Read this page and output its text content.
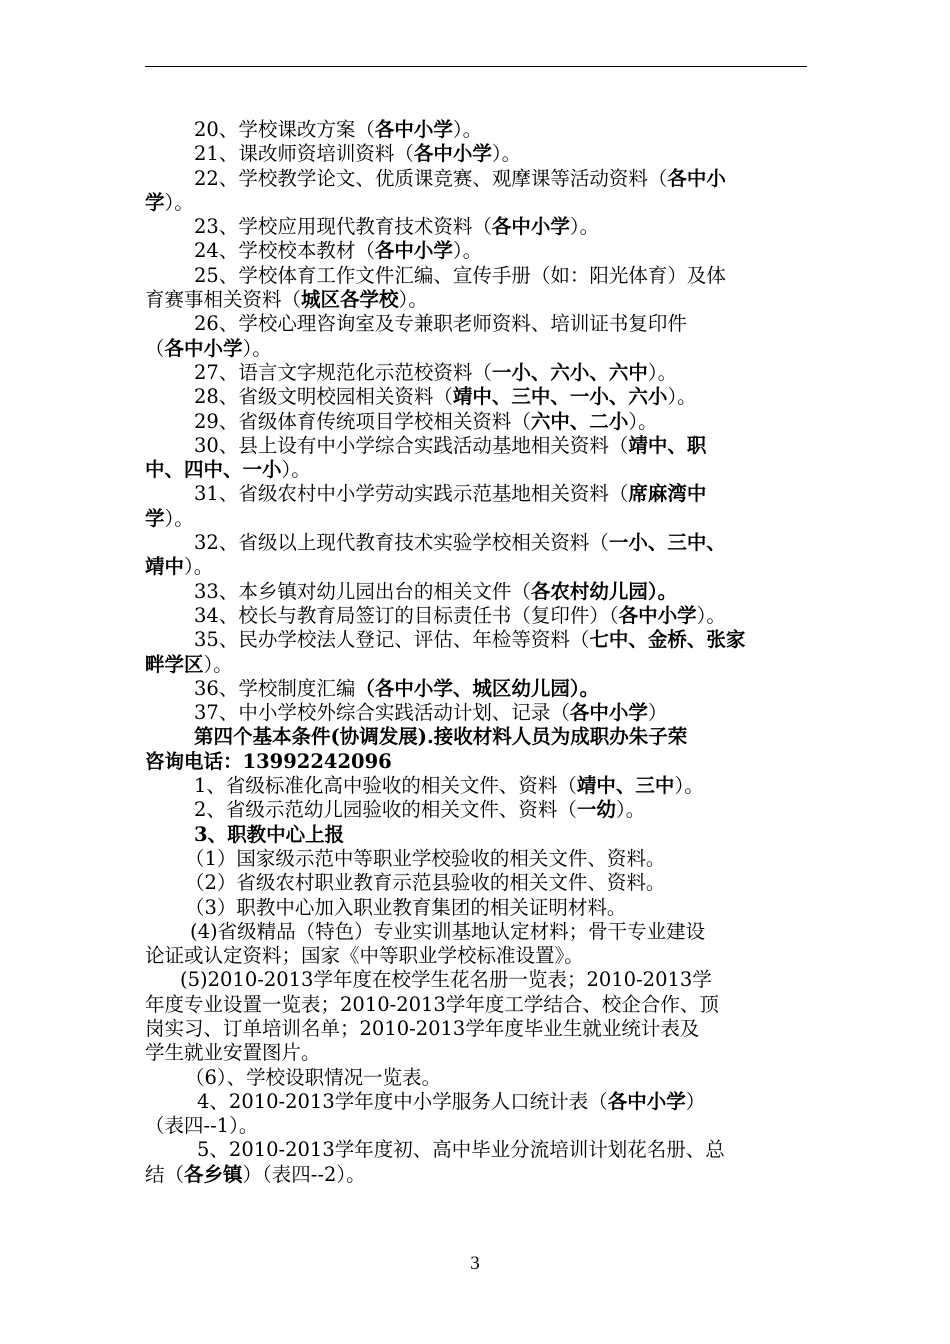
20、学校课改方案（各中小学）。
21、课改师资培训资料（各中小学）。
22、学校教学论文、优质课竞赛、观摩课等活动资料（各中小
学）。
23、学校应用现代教育技术资料（各中小学）。
24、学校校本教材（各中小学）。
25、学校体育工作文件汇编、宣传手册（如：阳光体育）及体
育赛事相关资料（城区各学校）。
26、学校心理咨询室及专兼职老师资料、培训证书复印件
（各中小学）。
27、语言文字规范化示范校资料（一小、六小、六中）。
28、省级文明校园相关资料（靖中、三中、一小、六小）。
29、省级体育传统项目学校相关资料（六中、二小）。
30、县上设有中小学综合实践活动基地相关资料（靖中、职
中、四中、一小）。
31、省级农村中小学劳动实践示范基地相关资料（席麻湾中
学）。
32、省级以上现代教育技术实验学校相关资料（一小、三中、
靖中）。
33、本乡镇对幼儿园出台的相关文件（各农村幼儿园）。
34、校长与教育局签订的目标责任书（复印件）（各中小学）。
35、民办学校法人登记、评估、年检等资料（七中、金桥、张家
畔学区）。
36、学校制度汇编（各中小学、城区幼儿园）。
37、中小学校外综合实践活动计划、记录（各中小学）
第四个基本条件(协调发展).接收材料人员为成职办朱子荣
咨询电话：13992242096
1、省级标准化高中验收的相关文件、资料（靖中、三中）。
2、省级示范幼儿园验收的相关文件、资料（一幼）。
3、职教中心上报
（1）国家级示范中等职业学校验收的相关文件、资料。
（2）省级农村职业教育示范县验收的相关文件、资料。
（3）职教中心加入职业教育集团的相关证明材料。
(4)省级精品（特色）专业实训基地认定材料；骨干专业建设
论证或认定资料；国家《中等职业学校标准设置》。
(5)2010-2013学年度在校学生花名册一览表；2010-2013学
年度专业设置一览表；2010-2013学年度工学结合、校企合作、顶
岗实习、订单培训名单；2010-2013学年度毕业生就业统计表及
学生就业安置图片。
（6）、学校设职情况一览表。
4、2010-2013学年度中小学服务人口统计表（各中小学）
（表四--1）。
5、2010-2013学年度初、高中毕业分流培训计划花名册、总
结（各乡镇）（表四--2）。
3
